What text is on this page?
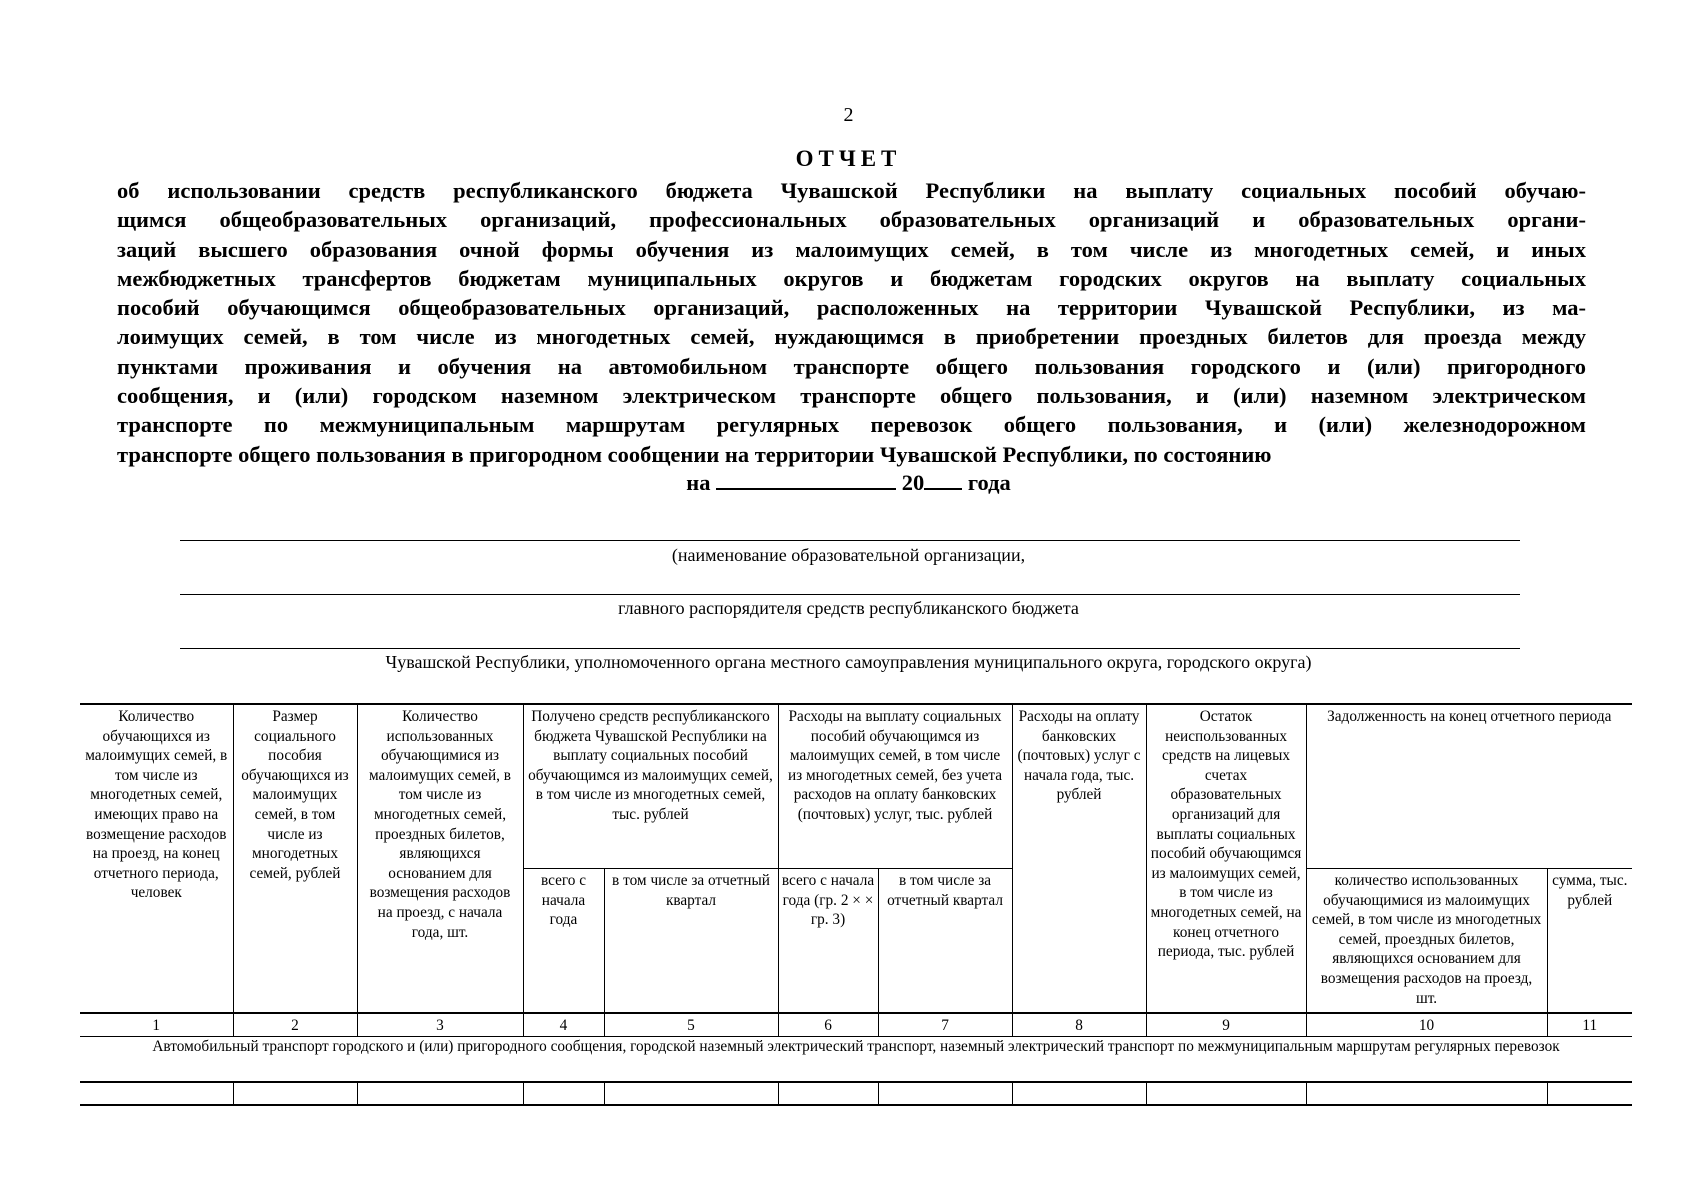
2
ОТЧЕТ
об использовании средств республиканского бюджета Чувашской Республики на выплату социальных пособий обучаю-
щимся общеобразовательных организаций, профессиональных образовательных организаций и образовательных органи-
заций высшего образования очной формы обучения из малоимущих семей, в том числе из многодетных семей, и иных
межбюджетных трансфертов бюджетам муниципальных округов и бюджетам городских округов на выплату социальных
пособий обучающимся общеобразовательных организаций, расположенных на территории Чувашской Республики, из ма-
лоимущих семей, в том числе из многодетных семей, нуждающимся в приобретении проездных билетов для проезда между
пунктами проживания и обучения на автомобильном транспорте общего пользования городского и (или) пригородного
сообщения, и (или) городском наземном электрическом транспорте общего пользования, и (или) наземном электрическом
транспорте по межмуниципальным маршрутам регулярных перевозок общего пользования, и (или) железнодорожном
транспорте общего пользования в пригородном сообщении на территории Чувашской Республики, по состоянию
на	20 года
(наименование образовательной организации,
главного распорядителя средств республиканского бюджета
Чувашской Республики, уполномоченного органа местного самоуправления муниципального округа, городского округа)
Количество обучающихся из малоимущих семей, в том числе из многодетных семей, имеющих право на возмещение расходов на проезд, на конец отчетного периода, человек	Размер социального пособия обучающихся из малоимущих семей, в том числе из многодетных семей, рублей	Количество использованных обучающимися из малоимущих семей, в том числе из многодетных семей, проездных билетов, являющихся основанием для возмещения расходов на проезд, с начала года, шт.	Получено средств республиканского бюджета Чувашской Республики на выплату социальных пособий обучающимся из малоимущих семей, в том числе из многодетных семей, тыс. рублей		Расходы на выплату социальных пособий обучающимся из малоимущих семей, в том числе из многодетных семей, без учета расходов на оплату банковских (почтовых) услуг, тыс. рублей		Расходы на оплату банковских (почтовых) услуг с начала года, тыс. рублей	Остаток неиспользованных средств на лицевых счетах образовательных организаций для выплаты социальных пособий обучающимся из малоимущих семей, в том числе из многодетных семей, на конец отчетного периода, тыс. рублей	Задолженность на конец отчетного периода	
			всего с начала года	в том числе за отчетный квартал	всего с начала года (гр. 2 × × гр. 3)	в том числе за отчетный квартал			количество использованных обучающимися из малоимущих семей, в том числе из многодетных семей, проездных билетов, являющихся основанием для возмещения расходов на проезд, шт.	сумма, тыс. рублей
1	2	3	4	5	6	7	8	9	10	11
Автомобильный транспорт городского и (или) пригородного сообщения, городской наземный электрический транспорт, наземный электрический транспорт по межмуниципальным маршрутам регулярных перевозок										
